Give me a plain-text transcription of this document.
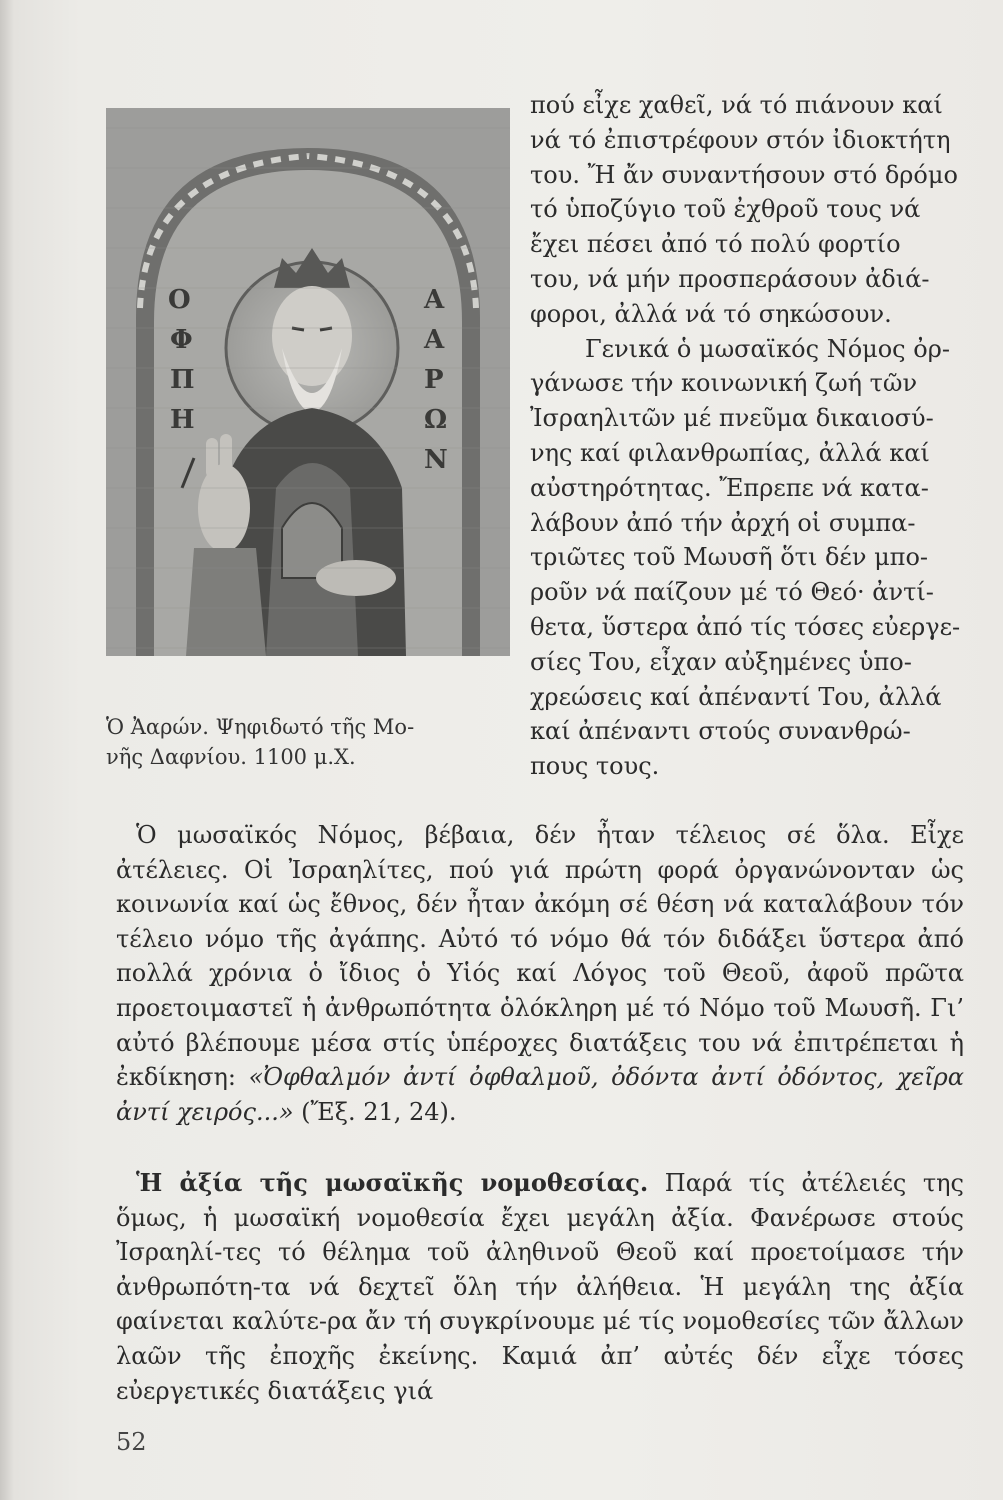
Ο
Φ
Π
Η
Α
Α
Ρ
Ω
Ν

Ὁ Ἀαρών. Ψηφιδωτό τῆς Μο-

νῆς Δαφνίου. 1100 μ.Χ.

πού εἶχε χαθεῖ, νά τό πιάνουν καί

νά τό ἐπιστρέφουν στόν ἰδιοκτήτη

του. Ἤ ἄν συναντήσουν στό δρόμο

τό ὑποζύγιο τοῦ ἐχθροῦ τους νά

ἔχει πέσει ἀπό τό πολύ φορτίο

του, νά μήν προσπεράσουν ἀδιά-

φοροι, ἀλλά νά τό σηκώσουν.

Γενικά ὁ μωσαϊκός Νόμος ὀρ-

γάνωσε τήν κοινωνική ζωή τῶν

Ἰσραηλιτῶν μέ πνεῦμα δικαιοσύ-

νης καί φιλανθρωπίας, ἀλλά καί

αὐστηρότητας. Ἔπρεπε νά κατα-

λάβουν ἀπό τήν ἀρχή οἱ συμπα-

τριῶτες τοῦ Μωυσῆ ὅτι δέν μπο-

ροῦν νά παίζουν μέ τό Θεό· ἀντί-

θετα, ὕστερα ἀπό τίς τόσες εὐεργε-

σίες Του, εἶχαν αὐξημένες ὑπο-

χρεώσεις καί ἀπέναντί Του, ἀλλά

καί ἀπέναντι στούς συνανθρώ-

πους τους.

Ὁ μωσαϊκός Νόμος, βέβαια, δέν ἦταν τέλειος σέ ὅλα. Εἶχε ἀτέλειες. Οἱ Ἰσραηλίτες, πού γιά πρώτη φορά ὀργανώνονταν ὡς κοινωνία καί ὡς ἔθνος, δέν ἦταν ἀκόμη σέ θέση νά καταλάβουν τόν τέλειο νόμο τῆς ἀγάπης. Αὐτό τό νόμο θά τόν διδάξει ὕστερα ἀπό πολλά χρόνια ὁ ἴδιος ὁ Υἱός καί Λόγος τοῦ Θεοῦ, ἀφοῦ πρῶτα προετοιμαστεῖ ἡ ἀνθρωπότητα ὁλόκληρη μέ τό Νόμο τοῦ Μωυσῆ. Γι’ αὐτό βλέπουμε μέσα στίς ὑπέροχες διατάξεις του νά ἐπιτρέπεται ἡ ἐκδίκηση: «Ὀφθαλμόν ἀντί ὀφθαλμοῦ, ὀδόντα ἀντί ὀδόντος, χεῖρα ἀντί χειρός...» (Ἔξ. 21, 24).

Ἡ ἀξία τῆς μωσαϊκῆς νομοθεσίας. Παρά τίς ἀτέλειές της ὅμως, ἡ μωσαϊκή νομοθεσία ἔχει μεγάλη ἀξία. Φανέρωσε στούς Ἰσραηλί-τες τό θέλημα τοῦ ἀληθινοῦ Θεοῦ καί προετοίμασε τήν ἀνθρωπότη-τα νά δεχτεῖ ὅλη τήν ἀλήθεια. Ἡ μεγάλη της ἀξία φαίνεται καλύτε-ρα ἄν τή συγκρίνουμε μέ τίς νομοθεσίες τῶν ἄλλων λαῶν τῆς ἐποχῆς ἐκείνης. Καμιά ἀπ’ αὐτές δέν εἶχε τόσες εὐεργετικές διατάξεις γιά

52
